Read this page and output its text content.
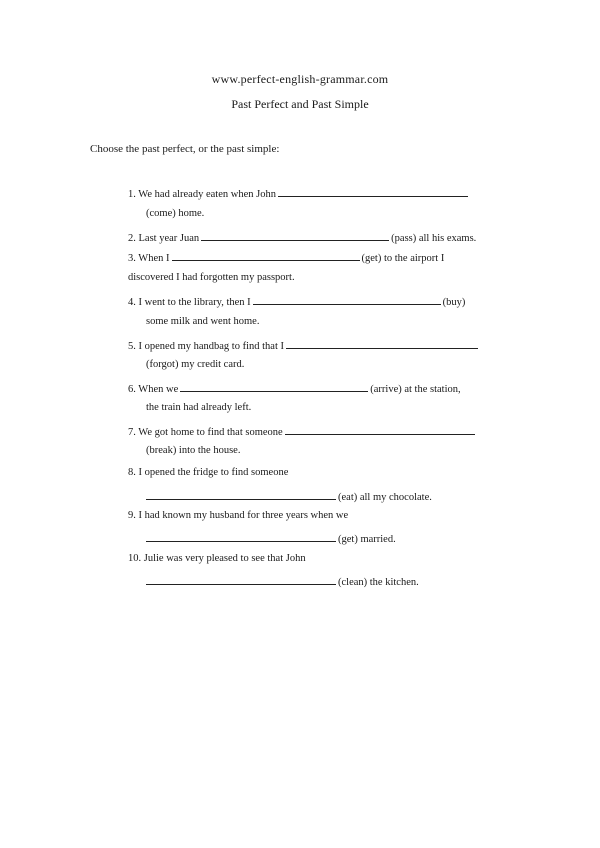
www.perfect-english-grammar.com
Past Perfect and Past Simple
Choose the past perfect, or the past simple:
1. We had already eaten when John
(come) home.
2. Last year Juan	(pass) all his exams.
3. When I	(get) to the airport I
discovered I had forgotten my passport.
4. I went to the library, then I	(buy)
some milk and went home.
5. I opened my handbag to find that I
(forgot) my credit card.
6. When we	(arrive) at the station,
the train had already left.
7. We got home to find that someone
(break) into the house.
8. I opened the fridge to find someone
(eat) all my chocolate.
9. I had known my husband for three years when we
(get) married.
10. Julie was very pleased to see that John
(clean) the kitchen.
